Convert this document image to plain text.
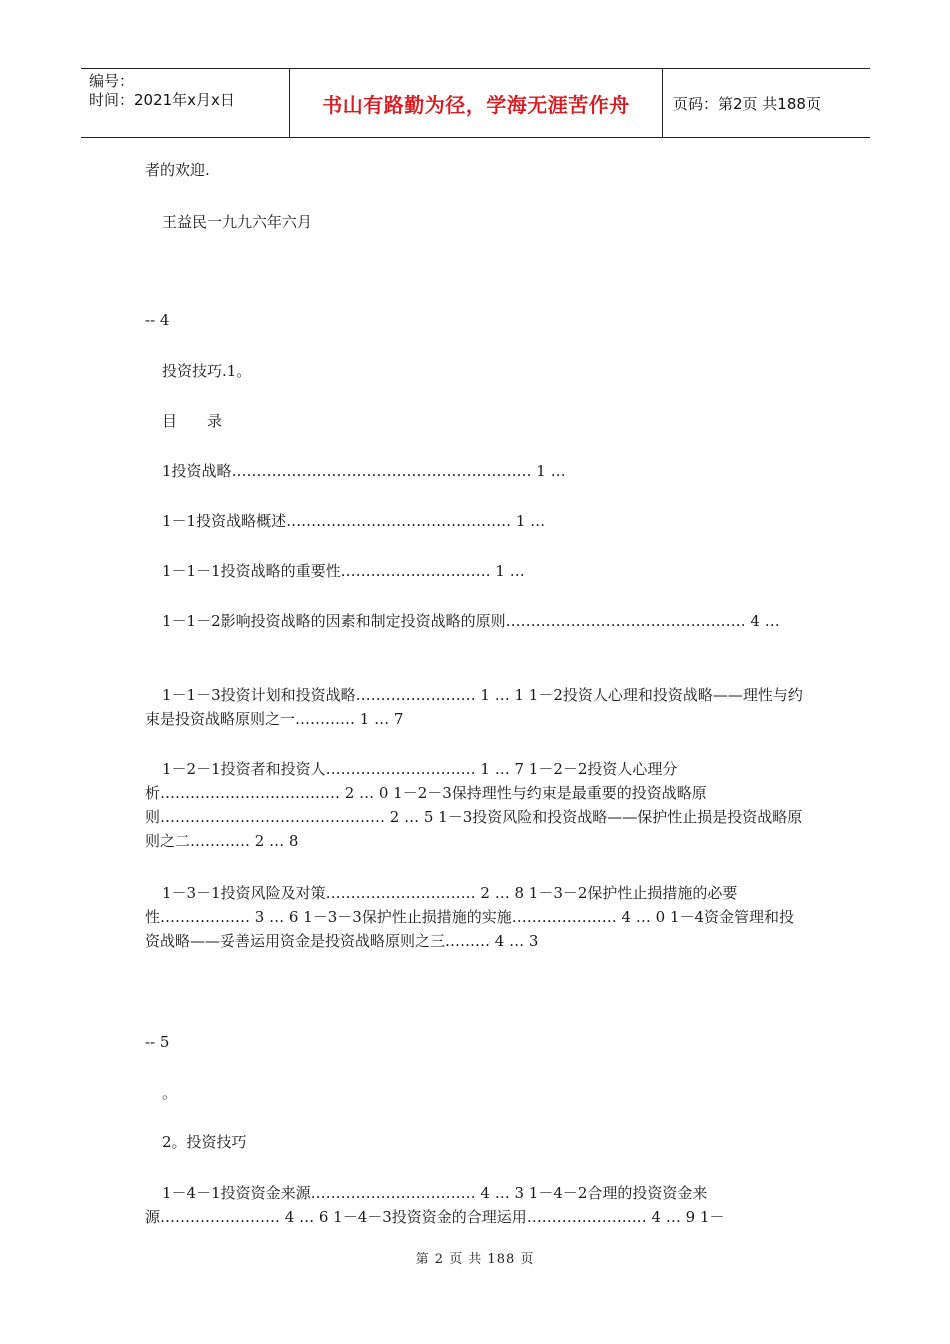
编号：
时间：2021年x月x日	书山有路勤为径，学海无涯苦作舟	页码：第2页 共188页
者的欢迎.
王益民一九九六年六月
-- 4
投资技巧.1。
目　　录
1投资战略…………………………………………………… 1 …
1－1投资战略概述……………………………………… 1 …
1－1－1投资战略的重要性………………………… 1 …
1－1－2影响投资战略的因素和制定投资战略的原则………………………………………… 4 …
1－1－3投资计划和投资战略…………………… 1 … 1 1－2投资人心理和投资战略——理性与约束是投资战略原则之一………… 1 … 7
1－2－1投资者和投资人………………………… 1 … 7 1－2－2投资人心理分析……………………………… 2 … 0 1－2－3保持理性与约束是最重要的投资战略原则……………………………………… 2 … 5 1－3投资风险和投资战略——保护性止损是投资战略原则之二………… 2 … 8
1－3－1投资风险及对策………………………… 2 … 8 1－3－2保护性止损措施的必要性……………… 3 … 6 1－3－3保护性止损措施的实施………………… 4 … 0 1－4资金管理和投资战略——妥善运用资金是投资战略原则之三……… 4 … 3
-- 5
。
2。投资技巧
1－4－1投资资金来源…………………………… 4 … 3 1－4－2合理的投资资金来源…………………… 4 … 6 1－4－3投资资金的合理运用…………………… 4 … 9 1－
第 2 页 共 188 页
